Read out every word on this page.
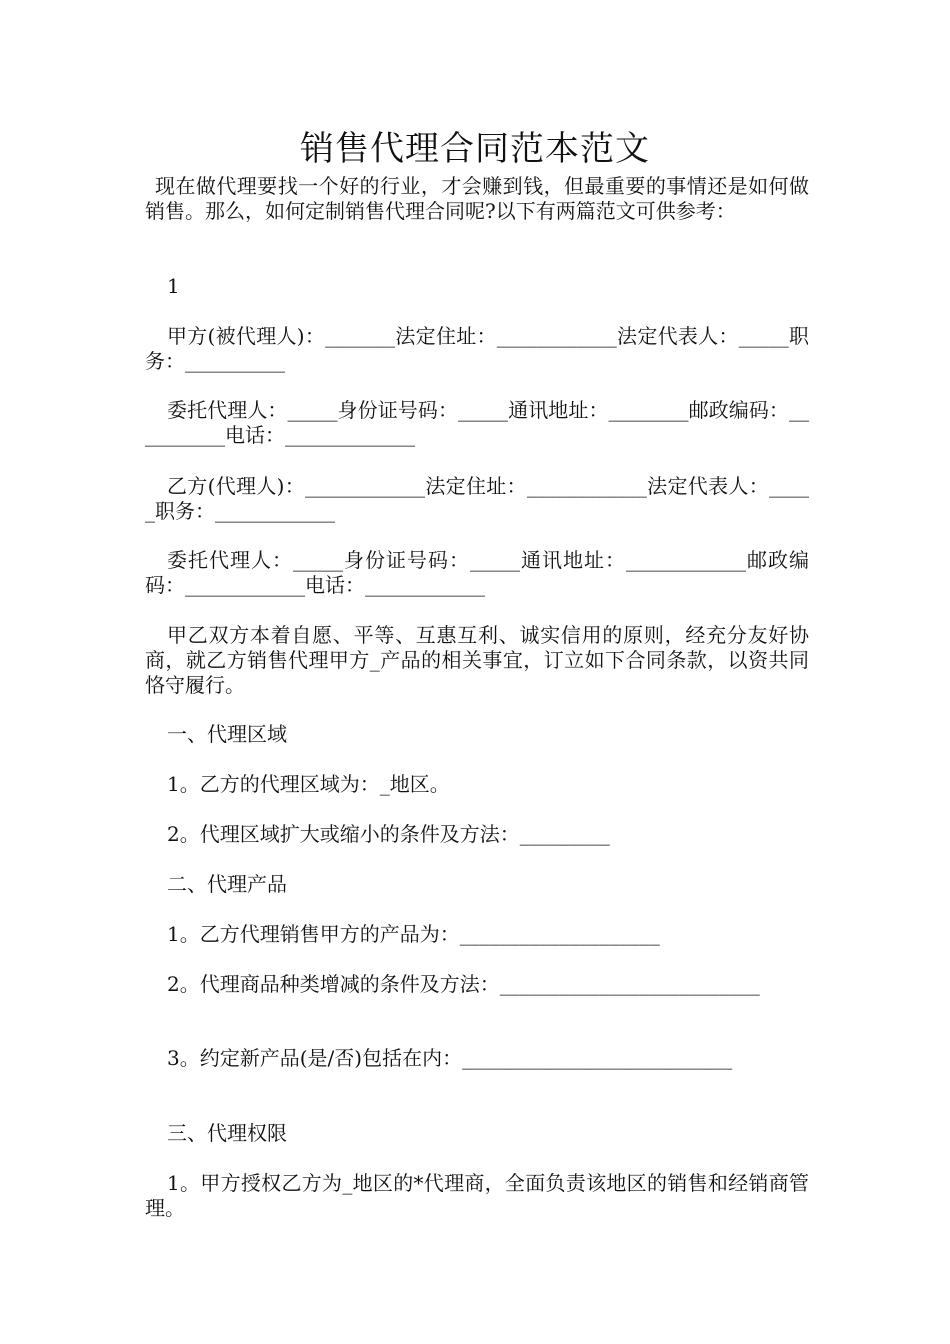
销售代理合同范本范文
现在做代理要找一个好的行业，才会赚到钱，但最重要的事情还是如何做销售。那么，如何定制销售代理合同呢?以下有两篇范文可供参考：
1
甲方(被代理人)：_______法定住址：____________法定代表人：_____职务：__________
委托代理人：_____身份证号码：_____通讯地址：________邮政编码：__________电话：_____________
乙方(代理人)：____________法定住址：____________法定代表人：_____职务：____________
委托代理人：_____身份证号码：_____通讯地址：____________邮政编码：____________电话：____________
甲乙双方本着自愿、平等、互惠互利、诚实信用的原则，经充分友好协商，就乙方销售代理甲方_产品的相关事宜，订立如下合同条款，以资共同恪守履行。
一、代理区域
1。乙方的代理区域为：_地区。
2。代理区域扩大或缩小的条件及方法：_________
二、代理产品
1。乙方代理销售甲方的产品为：____________________
2。代理商品种类增减的条件及方法：__________________________
3。约定新产品(是/否)包括在内：___________________________
三、代理权限
1。甲方授权乙方为_地区的*代理商，全面负责该地区的销售和经销商管理。
